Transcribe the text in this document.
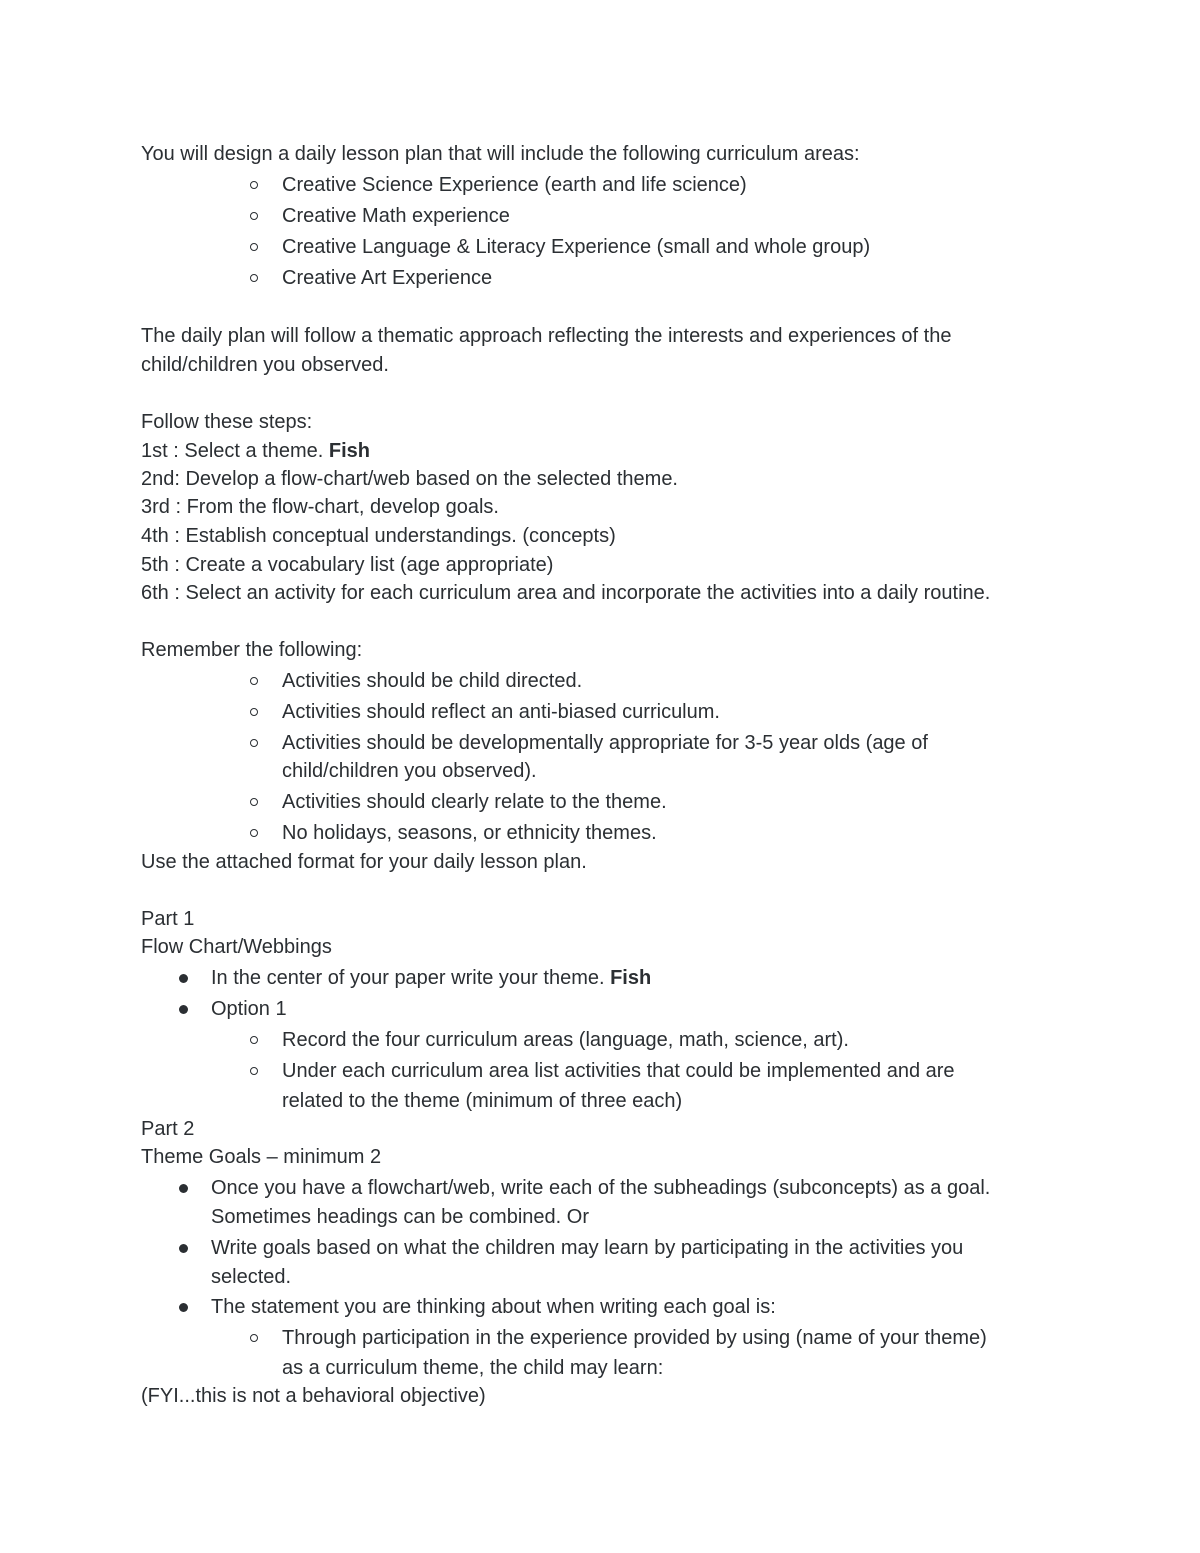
You will design a daily lesson plan that will include the following curriculum areas:
Creative Science Experience (earth and life science)
Creative Math experience
Creative Language & Literacy Experience (small and whole group)
Creative Art Experience
The daily plan will follow a thematic approach reflecting the interests and experiences of the
child/children you observed.
Follow these steps:
1st : Select a theme. Fish
2nd: Develop a flow-chart/web based on the selected theme.
3rd : From the flow-chart, develop goals.
4th : Establish conceptual understandings. (concepts)
5th : Create a vocabulary list (age appropriate)
6th : Select an activity for each curriculum area and incorporate the activities into a daily routine.
Remember the following:
Activities should be child directed.
Activities should reflect an anti-biased curriculum.
Activities should be developmentally appropriate for 3-5 year olds (age of
child/children you observed).
Activities should clearly relate to the theme.
No holidays, seasons, or ethnicity themes.
Use the attached format for your daily lesson plan.
Part 1
Flow Chart/Webbings
In the center of your paper write your theme. Fish
Option 1
Record the four curriculum areas (language, math, science, art).
Under each curriculum area list activities that could be implemented and are
related to the theme (minimum of three each)
Part 2
Theme Goals – minimum 2
Once you have a flowchart/web, write each of the subheadings (subconcepts) as a goal.
Sometimes headings can be combined. Or
Write goals based on what the children may learn by participating in the activities you
selected.
The statement you are thinking about when writing each goal is:
Through participation in the experience provided by using (name of your theme)
as a curriculum theme, the child may learn:
(FYI...this is not a behavioral objective)
